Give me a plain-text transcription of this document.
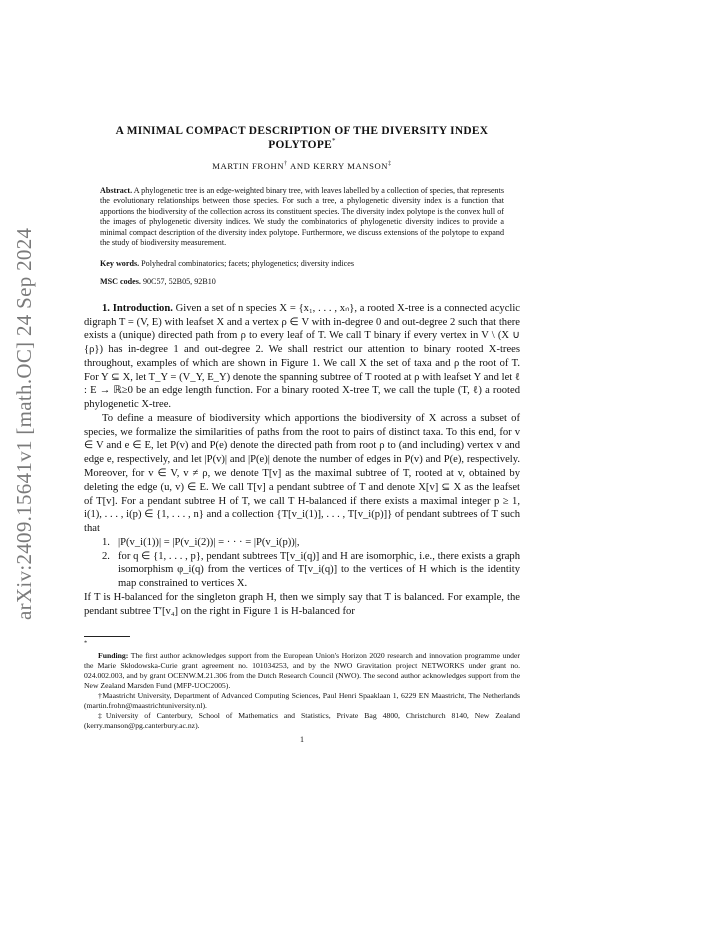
arXiv:2409.15641v1 [math.OC] 24 Sep 2024
A MINIMAL COMPACT DESCRIPTION OF THE DIVERSITY INDEX POLYTOPE*
MARTIN FROHN† AND KERRY MANSON‡
Abstract. A phylogenetic tree is an edge-weighted binary tree, with leaves labelled by a collection of species, that represents the evolutionary relationships between those species. For such a tree, a phylogenetic diversity index is a function that apportions the biodiversity of the collection across its constituent species. The diversity index polytope is the convex hull of the images of phylogenetic diversity indices. We study the combinatorics of phylogenetic diversity indices to provide a minimal compact description of the diversity index polytope. Furthermore, we discuss extensions of the polytope to expand the study of biodiversity measurement.
Key words. Polyhedral combinatorics; facets; phylogenetics; diversity indices
MSC codes. 90C57, 52B05, 92B10

1. Introduction. Given a set of n species X = {x₁, . . . , xₙ}, a rooted X-tree is a connected acyclic digraph T = (V, E) with leafset X and a vertex ρ ∈ V with in-degree 0 and out-degree 2 such that there exists a (unique) directed path from ρ to every leaf of T. We call T binary if every vertex in V \ (X ∪ {ρ}) has in-degree 1 and out-degree 2. We shall restrict our attention to binary rooted X-trees throughout, examples of which are shown in Figure 1. We call X the set of taxa and ρ the root of T. For Y ⊆ X, let T_Y = (V_Y, E_Y) denote the spanning subtree of T rooted at ρ with leafset Y and let ℓ : E → ℝ≥0 be an edge length function. For a binary rooted X-tree T, we call the tuple (T, ℓ) a rooted phylogenetic X-tree.

To define a measure of biodiversity which apportions the biodiversity of X across a subset of species, we formalize the similarities of paths from the root to pairs of distinct taxa. To this end, for v ∈ V and e ∈ E, let P(v) and P(e) denote the directed path from root ρ to (and including) vertex v and edge e, respectively, and let |P(v)| and |P(e)| denote the number of edges in P(v) and P(e), respectively. Moreover, for v ∈ V, v ≠ ρ, we denote T[v] as the maximal subtree of T, rooted at v, obtained by deleting the edge (u, v) ∈ E. We call T[v] a pendant subtree of T and denote X[v] ⊆ X as the leafset of T[v]. For a pendant subtree H of T, we call T H-balanced if there exists a maximal integer p ≥ 1, i(1), . . . , i(p) ∈ {1, . . . , n} and a collection {T[v_i(1)], . . . , T[v_i(p)]} of pendant subtrees of T such that

1. |P(v_i(1))| = |P(v_i(2))| = · · · = |P(v_i(p))|,
2. for q ∈ {1, . . . , p}, pendant subtrees T[v_i(q)] and H are isomorphic, i.e., there exists a graph isomorphism φ_i(q) from the vertices of T[v_i(q)] to the vertices of H which is the identity map constrained to vertices X.

If T is H-balanced for the singleton graph H, then we simply say that T is balanced. For example, the pendant subtree T′[v₄] on the right in Figure 1 is H-balanced for

*

Funding: The first author acknowledges support from the European Union's Horizon 2020 research and innovation programme under the Marie Skłodowska-Curie grant agreement no. 101034253, and by the NWO Gravitation project NETWORKS under grant no. 024.002.003, and by grant OCENW.M.21.306 from the Dutch Research Council (NWO). The second author acknowledges support from the New Zealand Marsden Fund (MFP-UOC2005).

†Maastricht University, Department of Advanced Computing Sciences, Paul Henri Spaaklaan 1, 6229 EN Maastricht, The Netherlands (martin.frohn@maastrichtuniversity.nl).

‡University of Canterbury, School of Mathematics and Statistics, Private Bag 4800, Christchurch 8140, New Zealand (kerry.manson@pg.canterbury.ac.nz).

1
